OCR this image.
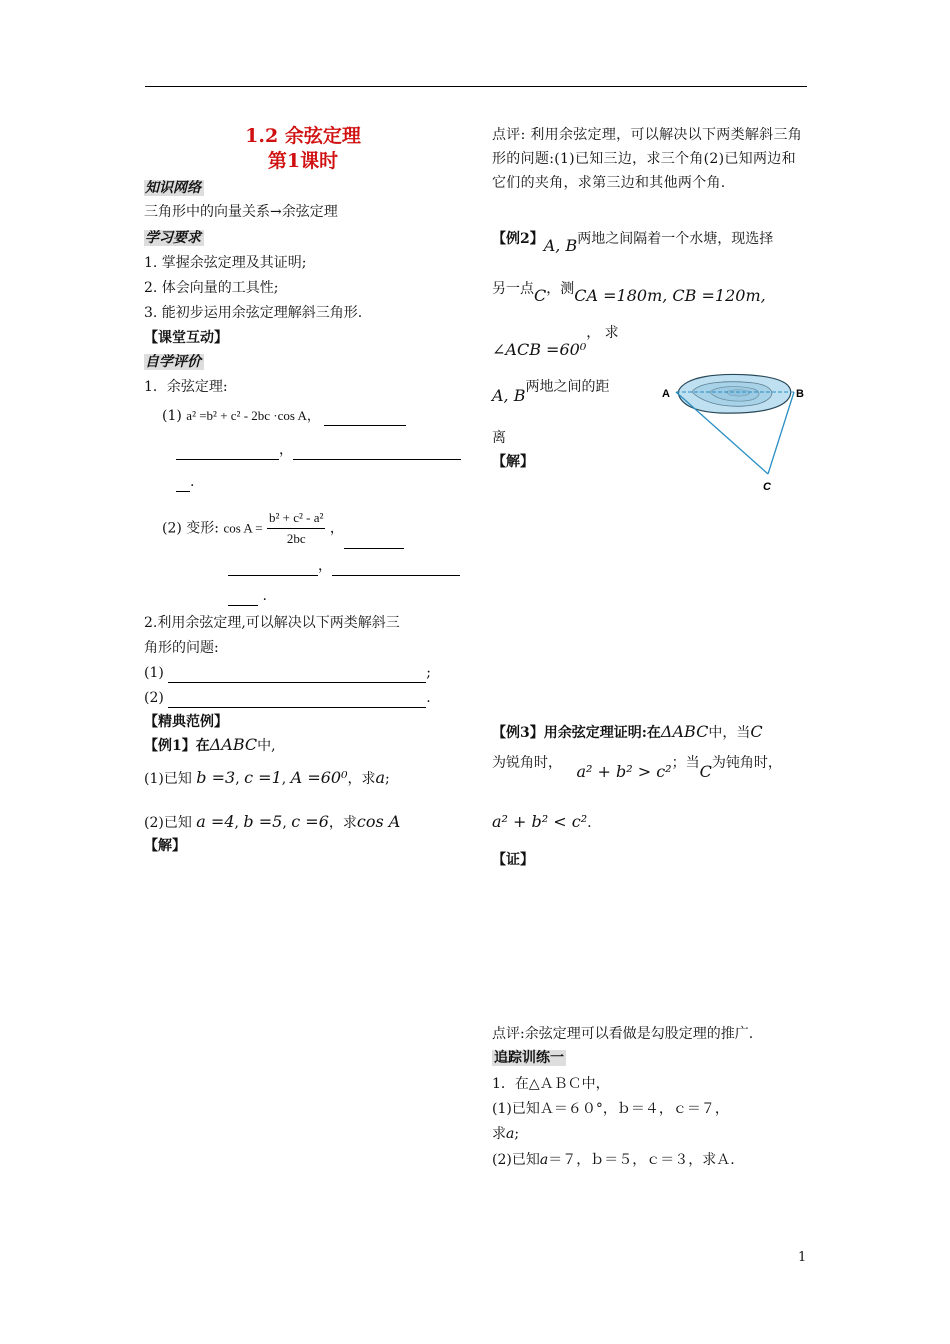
1.2 余弦定理
第1课时
知识网络
三角形中的向量关系→余弦定理
学习要求
1. 掌握余弦定理及其证明;
2. 体会向量的工具性;
3. 能初步运用余弦定理解斜三角形.
【课堂互动】
自学评价
1．余弦定理:
(1) a² =b² + c² - 2bc ·cos A，
，
.
(2) 变形: $\cos A = \frac{\text{b² + c² - a²}}{2bc}$ ，
，
.
2.利用余弦定理,可以解决以下两类解斜三
角形的问题:
(1)	;
(2)	.
【精典范例】
【例1】在ΔABC中,
(1)已知 b =3, c =1, A =60⁰，求a;
(2)已知 a =4, b =5, c =6，求cos A
【解】
点评: 利用余弦定理，可以解决以下两类解斜三角形的问题:(1)已知三边，求三个角(2)已知两边和它们的夹角，求第三边和其他两个角.
【例2】A, B两地之间隔着一个水塘，现选择
另一点C，测CA =180m, CB =120m,
∠ACB =60⁰， 求
A, B两地之间的距
离
【解】
A	B
C
【例3】用余弦定理证明:在ΔABC中，当C
为锐角时， a² + b² > c²；当C为钝角时，
a² + b² < c².
【证】
点评:余弦定理可以看做是勾股定理的推广.
追踪训练一
1．在△ＡＢＣ中，
(1)已知Ａ＝６０°，ｂ＝４，ｃ＝７，
求a;
(2)已知a＝７，ｂ＝５，ｃ＝３，求Ａ.
1
